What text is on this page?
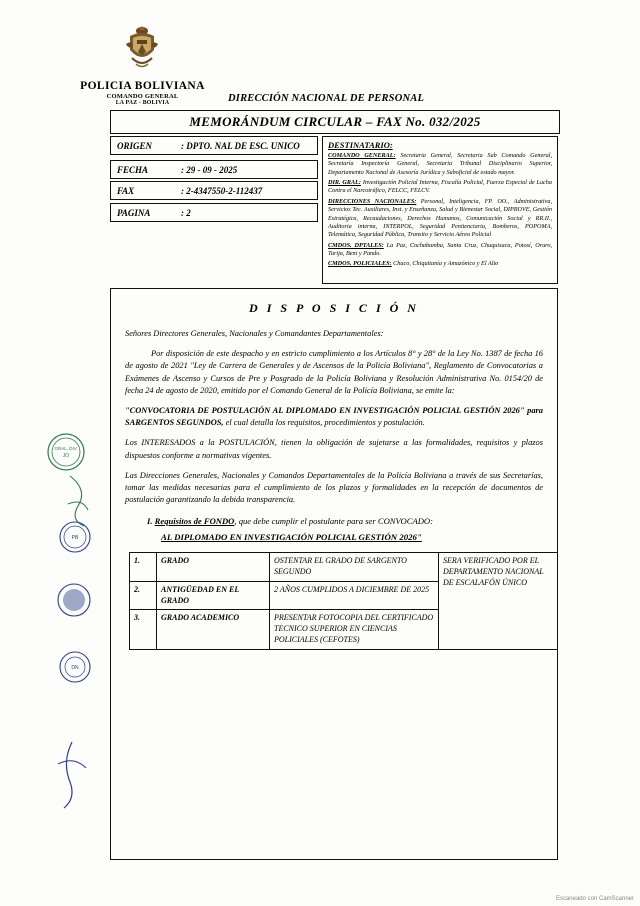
POLICIA BOLIVIANA
COMANDO GENERAL
LA PAZ - BOLIVIA	DIRECCIÓN NACIONAL DE PERSONAL
MEMORÁNDUM CIRCULAR – FAX No. 032/2025
ORIGEN	: DPTO. NAL DE ESC. UNICO
FECHA	: 29 - 09 - 2025
FAX	: 2-4347550-2-112437
PAGINA	: 2
DESTINATARIO:

COMANDO GENERAL: Secretaria General, Secretaria Sub Comando General, Secretaría Inspectoría General, Secretaria Tribunal Disciplinario Superior, Departamento Nacional de Asesoría Jurídica y Suboficial de estado mayor.

DIR. GRAL: Investigación Policial Interna, Fiscalía Policial, Fuerza Especial de Lucha Contra el Narcotráfico, FELCC, FELCV.

DIRECCIONES NACIONALES: Personal, Inteligencia, FP. OO., Administrativa, Servicios Tec. Auxiliares, Inst. y Enseñanza, Salud y Bienestar Social, DIPROVE, Gestión Estratégica, Recaudaciones, Derechos Humanos, Comunicación Social y RR.II., Auditoria interna, INTERPOL, Seguridad Penitenciaria, Bomberos, POPOMA, Telemática, Seguridad Pública, Transito y Servicio Aéreo Policial

CMDOS. DPTALES: La Paz, Cochabamba, Santa Cruz, Chuquisaca, Potosí, Oruro, Tarija, Beni y Pando.

CMDOS. POLICIALES: Chaco, Chiquitanía y Amazónico y El Alto

D I S P O S I C I Ó N

Señores Directores Generales, Nacionales y Comandantes Departamentales:

Por disposición de este despacho y en estricto cumplimiento a los Artículos 8° y 28° de la Ley No. 1387 de fecha 16 de agosto de 2021 "Ley de Carrera de Generales y de Ascensos de la Policía Boliviana", Reglamento de Convocatorias a Exámenes de Ascenso y Cursos de Pre y Posgrado de la Policía Boliviana y Resolución Administrativa No. 0154/20 de fecha 24 de agosto de 2020, emitido por el Comando General de la Policía Boliviana, se emite la:

"CONVOCATORIA DE POSTULACIÓN AL DIPLOMADO EN INVESTIGACIÓN POLICIAL GESTIÓN 2026" para SARGENTOS SEGUNDOS, el cual detalla los requisitos, procedimientos y postulación.

Los INTERESADOS a la POSTULACIÓN, tienen la obligación de sujetarse a las formalidades, requisitos y plazos dispuestos conforme a normativas vigentes.

Las Direcciones Generales, Nacionales y Comandos Departamentales de la Policía Boliviana a través de sus Secretarías, tomar las medidas necesarias para el cumplimiento de los plazos y formalidades en la recepción de documentos de postulación garantizando la debida transparencia.

I. Requisitos de FONDO, que debe cumplir el postulante para ser CONVOCADO:
AL DIPLOMADO EN INVESTIGACIÓN POLICIAL GESTIÓN 2026"
1.	GRADO	OSTENTAR EL GRADO DE SARGENTO SEGUNDO	SERA VERIFICADO POR EL DEPARTAMENTO NACIONAL DE ESCALAFÓN ÚNICO
2.	ANTIGÜEDAD EN EL GRADO	2 AÑOS CUMPLIDOS A DICIEMBRE DE 2025	
3.	GRADO ACADEMICO	PRESENTAR FOTOCOPIA DEL CERTIFICADO TECNICO SUPERIOR EN CIENCIAS POLICIALES (CEFOTES)	
GRAL. DIV.
JO
PB
DN
Escaneado con CamScanner
